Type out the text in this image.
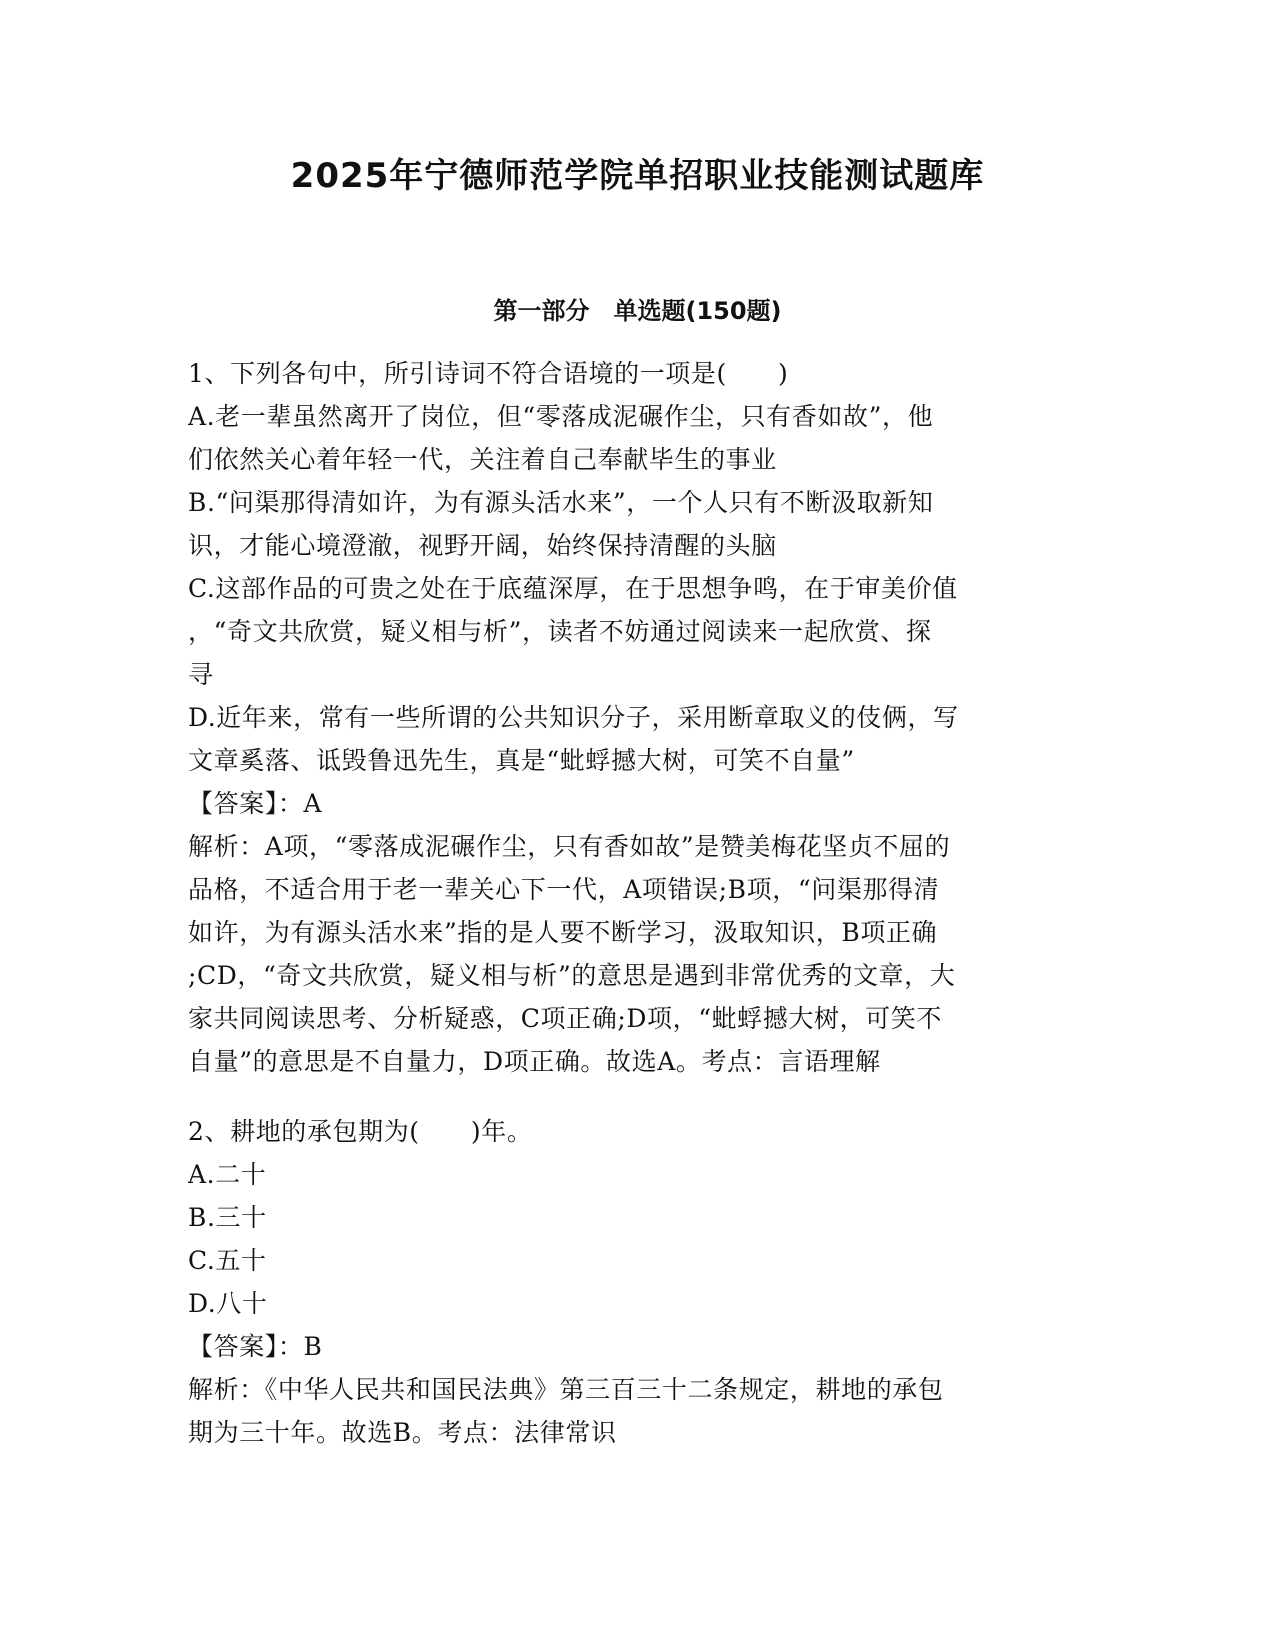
2025年宁德师范学院单招职业技能测试题库
第一部分　单选题(150题)
1、下列各句中，所引诗词不符合语境的一项是(　　)
A.老一辈虽然离开了岗位，但“零落成泥碾作尘，只有香如故”，他
们依然关心着年轻一代，关注着自己奉献毕生的事业
B.“问渠那得清如许，为有源头活水来”，一个人只有不断汲取新知
识，才能心境澄澈，视野开阔，始终保持清醒的头脑
C.这部作品的可贵之处在于底蕴深厚，在于思想争鸣，在于审美价值
，“奇文共欣赏，疑义相与析”，读者不妨通过阅读来一起欣赏、探
寻
D.近年来，常有一些所谓的公共知识分子，采用断章取义的伎俩，写
文章奚落、诋毁鲁迅先生，真是“蚍蜉撼大树，可笑不自量”
【答案】：A
解析：A项，“零落成泥碾作尘，只有香如故”是赞美梅花坚贞不屈的
品格，不适合用于老一辈关心下一代，A项错误;B项，“问渠那得清
如许，为有源头活水来”指的是人要不断学习，汲取知识，B项正确
;CD，“奇文共欣赏，疑义相与析”的意思是遇到非常优秀的文章，大
家共同阅读思考、分析疑惑，C项正确;D项，“蚍蜉撼大树，可笑不
自量”的意思是不自量力，D项正确。故选A。考点：言语理解
2、耕地的承包期为(　　)年。
A.二十
B.三十
C.五十
D.八十
【答案】：B
解析：《中华人民共和国民法典》第三百三十二条规定，耕地的承包
期为三十年。故选B。考点：法律常识
